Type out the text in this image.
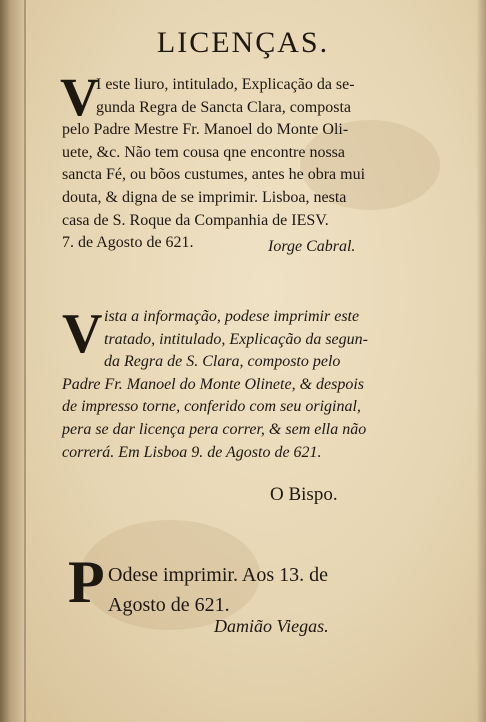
LICENÇAS.
V
I este liuro, intitulado, Explicação da se-
gunda Regra de Sancta Clara, composta
pelo Padre Mestre Fr. Manoel do Monte Oli-
uete, &c. Não tem cousa qne encontre nossa
sancta Fé, ou bõos custumes, antes he obra mui
douta, & digna de se imprimir. Lisboa, nesta
casa de S. Roque da Companhia de IESV.
7. de Agosto de 621.	Iorge Cabral.
V ista a informação, podese imprimir este
tratado, intitulado, Explicação da segun-
da Regra de S. Clara, composto pelo
Padre Fr. Manoel do Monte Olinete, & despois
de impresso torne, conferido com seu original,
pera se dar licença pera correr, & sem ella não
correrá. Em Lisboa 9. de Agosto de 621.
O Bispo.
P Odese imprimir. Aos 13. de
Agosto de 621.
Damião Viegas.
